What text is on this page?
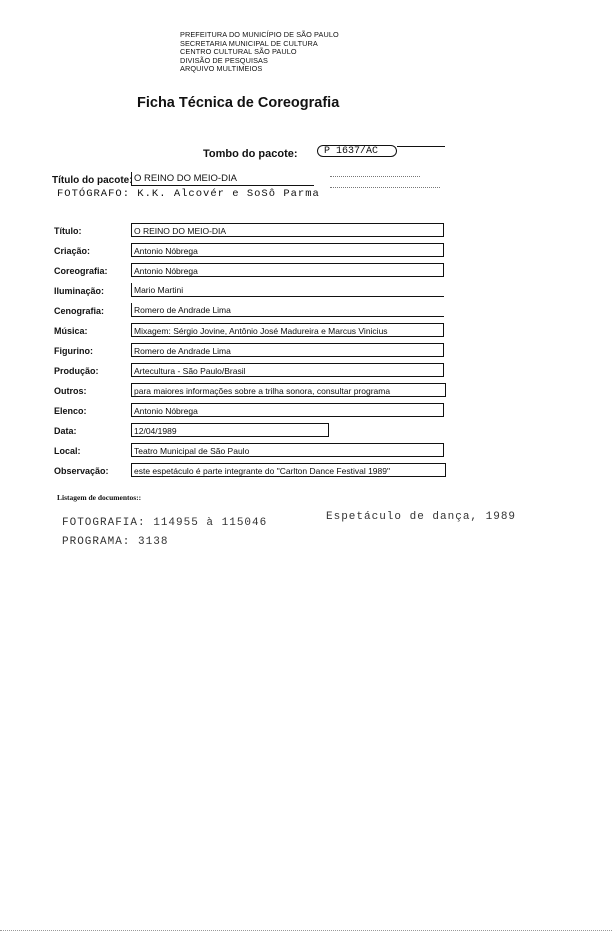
PREFEITURA DO MUNICÍPIO DE SÃO PAULO
SECRETARIA MUNICIPAL DE CULTURA
CENTRO CULTURAL SÃO PAULO
DIVISÃO DE PESQUISAS
ARQUIVO MULTIMEIOS
Ficha Técnica de Coreografia
Tombo do pacote:	P 1637/AC
Título do pacote: O REINO DO MEIO-DIA
FOTÓGRAFO: K.K. Alcovér e SoSô Parma
Título:	O REINO DO MEIO-DIA
Criação:	Antonio Nóbrega
Coreografia:	Antonio Nóbrega
Iluminação:	Mario Martini
Cenografia:	Romero de Andrade Lima
Música:	Mixagem: Sérgio Jovine, Antônio José Madureira e Marcus Vinicius
Figurino:	Romero de Andrade Lima
Produção:	Artecultura - São Paulo/Brasil
Outros:	para maiores informações sobre a trilha sonora, consultar programa
Elenco:	Antonio Nóbrega
Data:	12/04/1989
Local:	Teatro Municipal de São Paulo
Observação:	este espetáculo é parte integrante do "Carlton Dance Festival 1989"
Listagem de documentos::
Espetáculo de dança, 1989
FOTOGRAFIA: 114955 à 115046
PROGRAMA: 3138
